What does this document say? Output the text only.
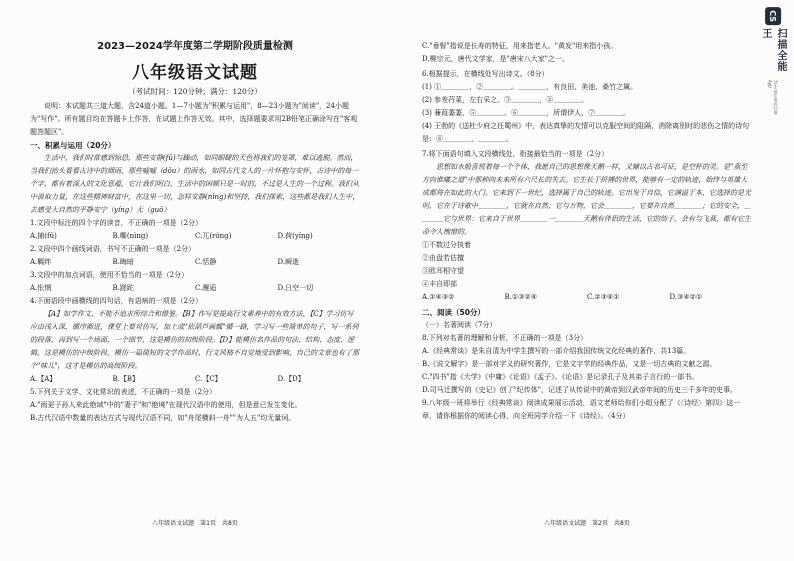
2023—2024学年度第二学期阶段质量检测
八年级语文试题
（考试时间：120分钟；满分：120分）
说明：本试题共三道大题，含24道小题。1—7小题为"积累与运用"，8—23小题为"阅读"，24小题为"写作"。所有题目均在答题卡上作答，在试题上作答无效。其中，选择题要求用2B铅笔正确涂写在"客观题答题区"。
一、积累与运用（20分）
生活中，我们时常感到惊恐，那些安静(fǔ)与躁动，如同眼睫的天色将我们的笼罩，难以逃脱。然而，当我们抬头看看古诗中的烟雨，那些嘘嘘（dǒu）的雨水，如同古代文人的一片怀抱与安怀，古诗中的每一个字，都有着深入的文化意蕴，它让我们明白，生活中的困顿只是一时的，不过是人生的一个过程。我们从中汲取力量，在这些精神财富中，在这里一切，怎样安静(nìng)和坚持，我们探索，这些都是我们人生中，去感受大自然的平静安宁（yíng）无（guō）
1.文段中标注的四个字的读音，不正确的一项是（2分）
A.捕(fǔ)	B.嘶(nìng)	C.兀(róng)	D.荷(yíng)
2.文段中四个画线词语，书写不正确的一项是（2分）
A.羁绊	B.晦暗	C.恬静	D.瞬逝
3.文段中的加点词语，使用不恰当的一项是（2分）
A.怅惘	B.蹉跎	C.邂逅	D.日空一切
4.下面语段中画横线的四句话，有语病的一项是（2分）
【A】如学作文，不能不追求所综合和借鉴。【B】作写是提高行文素养中的有效方法，【C】学习仿写应由浅入深，循序渐进，课堂上要对仿写，加上或"依葫芦画瓢"循一路，学习写一些简单的句子，写一系列的段落，再到写一个场面，一个细节，这是模仿的初级阶段。【D】能模仿名作品的句法、结构、态度、逻辑，这是模仿的中级阶段，模仿一篇简短的文学作品时，行文风格不自觉地受到影响，自己的文章也有了那个"味儿"，这才是模仿的高级阶段。
A.【A】	B.【B】	C.【C】	D.【D】
5.下列关于文学、文化常识的表述，不正确的一项是（2分）
A."雨更子孙人来此绝域"中的"妻子"和"绝境"在现代汉语中的使用，但是意已发生变化。
B.古代汉语中数量的表达方式与现代汉语不同，如"舟尾横斜一舟""为人五"均无量词。
C."垂髫"指说是长寿的特征，用来指老人。"黄发"用来指小孩。
D.柳宗元，唐代文学家，是"唐宋八大家"之一。
6.根据提示，在横线处写出诗文。（8分）
(1) ①＿＿＿＿，②＿＿＿＿。＿＿＿＿，有良田、美池、桑竹之属。
(2) 参差荇菜，左右采之。③＿＿＿＿，④＿＿＿＿。
(3) 蒹葭萋萋，⑤＿＿＿＿。⑥＿＿＿＿，所谓伊人，⑦＿＿＿＿。
(4) 王勃的《送杜少府之任蜀州》中，表达真挚的友情可以克服空间的阻隔，消除离别时的悲伤之情的诗句是：⑧＿＿＿＿，＿＿＿＿。
7.将下面语句填入文段横线处，衔接最恰当的一项是（2分）
思想如水般喜悦着每一个个体，我愿自己的思想像天鹅一样，又辅以古名可证，是空杯的灵。是"燕至方向谁曦之道"中那种向未来所有六尺长的失去。它生长于拼搏的世界，能够有一定的轨迹，始终与英雄大成都将在如此的大门。它来到下一世纪，选择属于自己的轨迹。它出发于自信，它满溢于本，它选择的是光明，它在于诗歌中＿＿＿＿，它就在自然；它与万物，它会＿＿＿＿，它要在自然＿＿＿＿；它的安全，＿＿＿＿它与世界：它来自于世界＿＿＿＿一＿＿＿＿天鹅有伴侣的生活，它的幼子，会有与飞燕，都有它生命令人惋惜的。
①不数过分执着
②由盘若估擅
③欧耳相守望
④丰自即部
A.①④③②	B.①③②④	C.②③④①	D.③④②①
二、阅读（50分）
（一）名著阅读（7分）
8.下列对名著的理解和分析，不正确的一项是（3分）
A.《经典常谈》是朱自清为中学生撰写的一部介绍我国传统文化经典的著作，共13篇。
B.《说文解字》是一部对字义的研究著作，它是文字学的经典作品，又是一切古典的文献之源。
C."四书"指《大学》《中庸》《论语》《孟子》。《论语》是记录孔子及其弟子言行的一部书。
D.司马迁撰写的《史记》创了"纪传体"，记述了从传说中的黄帝到汉武帝年间的历史三千多年的史事。
9.八年级一班将举行《经典常谈》阅读成果展示活动，语文老师给你们小组分配了《〈诗经〉第四》这一章，请你根据你的阅读心得，向全班同学介绍一下《诗经》。（4分）
八年级语文试题　第1页　共8页	八年级语文试题　第2页　共8页
CS
扫描全能王
3亿人都在用的扫描App
